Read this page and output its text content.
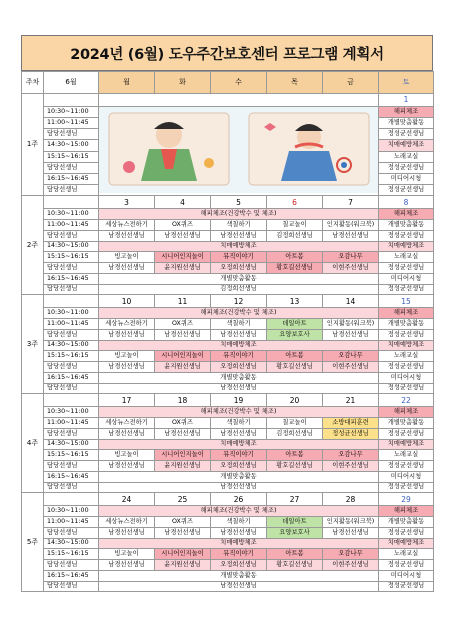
2024년 (6월) 도우주간보호센터 프로그램 계획서
주차	6월	월	화	수	목	금	토
1주							1
	10:30~11:00						해피체조
	11:00~11:45						개별맞춤활동
	담당선생님						정성균선생님
	14:30~15:00						치매예방체조
	15:15~16:15						노래교실
	담당선생님						정성균선생님
	16:15~16:45						미디어시청
	담당선생님						정성균선생님
2주		3	4	5	6	7	8
	10:30~11:00	해피체조(건강박수 및 체조)					해피체조
	11:00~11:45	세상뉴스전하기	OX퀴즈	색칠하기	칠교놀이	인지활동(워크북)	개별맞춤활동
	담당선생님	남경선선생님	남경선선생님	남경선선생님	김정희선생님	남경선선생님	정성균선생님
	14:30~15:00	치매예방체조					치매예방체조
	15:15~16:15	빙고놀이	시니어인지놀이	뮤직이야기	아트봄	오감나무	노래교실
	담당선생님	남경선선생님	윤지원선생님	오정희선생님	황호길선생님	이현주선생님	정성균선생님
	16:15~16:45	개별맞춤활동					미디어시청
	담당선생님	김정희선생님					정성균선생님
3주		10	11	12	13	14	15
	10:30~11:00	해피체조(건강박수 및 체조)					해피체조
	11:00~11:45	세상뉴스전하기	OX퀴즈	색칠하기	데일아트	인지활동(워크북)	개별맞춤활동
	담당선생님	남경선선생님	남경선선생님	남경선선생님	요양보호사	남경선선생님	정성균선생님
	14:30~15:00	치매예방체조					치매예방체조
	15:15~16:15	빙고놀이	시니어인지놀이	뮤직이야기	아트봄	오감나무	노래교실
	담당선생님	남경선선생님	윤지원선생님	오정희선생님	황호길선생님	이현주선생님	정성균선생님
	16:15~16:45	개별맞춤활동					미디어시청
	담당선생님	남경선선생님					정성균선생님
4주		17	18	19	20	21	22
	10:30~11:00	해피체조(건강박수 및 체조)					해피체조
	11:00~11:45	세상뉴스전하기	OX퀴즈	색칠하기	칠교놀이	소방대피훈련	개별맞춤활동
	담당선생님	남경선선생님	남경선선생님	남경선선생님	김정희선생님	정성균선생님	정성균선생님
	14:30~15:00	치매예방체조					치매예방체조
	15:15~16:15	빙고놀이	시니어인지놀이	뮤직이야기	아트봄	오감나무	노래교실
	담당선생님	남경선선생님	윤지원선생님	오정희선생님	황호길선생님	이현주선생님	정성균선생님
	16:15~16:45	개별맞춤활동					미디어시청
	담당선생님	남경선선생님					정성균선생님
5주		24	25	26	27	28	29
	10:30~11:00	해피체조(건강박수 및 체조)					해피체조
	11:00~11:45	세상뉴스전하기	OX퀴즈	색칠하기	데일아트	인지활동(워크북)	개별맞춤활동
	담당선생님	남경선선생님	남경선선생님	남경선선생님	요양보호사	남경선선생님	정성균선생님
	14:30~15:00	치매예방체조					치매예방체조
	15:15~16:15	빙고놀이	시니어인지놀이	뮤직이야기	아트봄	오감나무	노래교실
	담당선생님	남경선선생님	윤지원선생님	오정희선생님	황호길선생님	이현주선생님	정성균선생님
	16:15~16:45	개별맞춤활동					미디어시청
	담당선생님	남경선선생님					정성균선생님
